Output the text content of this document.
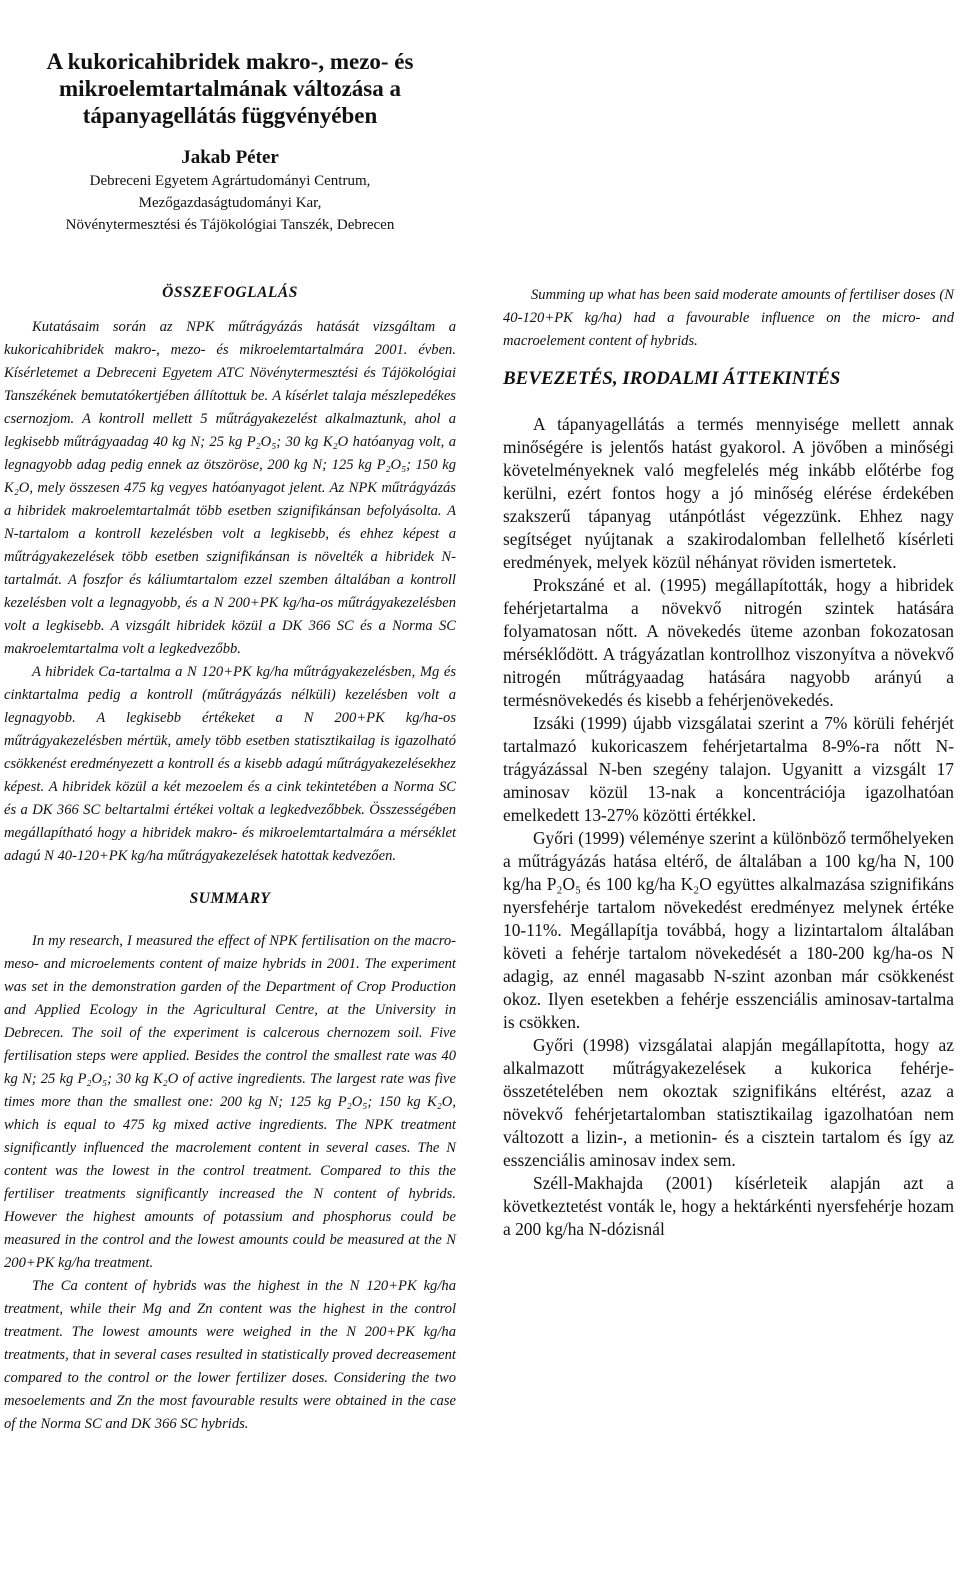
A kukoricahibridek makro-, mezo- és mikroelemtartalmának változása a tápanyagellátás függvényében
Jakab Péter
Debreceni Egyetem Agrártudományi Centrum,
Mezőgazdaságtudományi Kar,
Növénytermesztési és Tájökológiai Tanszék, Debrecen
ÖSSZEFOGLALÁS

Kutatásaim során az NPK műtrágyázás hatását vizsgáltam a kukoricahibridek makro-, mezo- és mikroelemtartalmára 2001. évben. Kísérletemet a Debreceni Egyetem ATC Növénytermesztési és Tájökológiai Tanszékének bemutatókertjében állítottuk be. A kísérlet talaja mészlepedékes csernozjom. A kontroll mellett 5 műtrágyakezelést alkalmaztunk, ahol a legkisebb műtrágyaadag 40 kg N; 25 kg P₂O₅; 30 kg K₂O hatóanyag volt, a legnagyobb adag pedig ennek az ötszöröse, 200 kg N; 125 kg P₂O₅; 150 kg K₂O, mely összesen 475 kg vegyes hatóanyagot jelent. Az NPK műtrágyázás a hibridek makroelemtartalmát több esetben szignifikánsan befolyásolta. A N-tartalom a kontroll kezelésben volt a legkisebb, és ehhez képest a műtrágyakezelések több esetben szignifikánsan is növelték a hibridek N-tartalmát. A foszfor és káliumtartalom ezzel szemben általában a kontroll kezelésben volt a legnagyobb, és a N 200+PK kg/ha-os műtrágyakezelésben volt a legkisebb. A vizsgált hibridek közül a DK 366 SC és a Norma SC makroelemtartalma volt a legkedvezőbb.

A hibridek Ca-tartalma a N 120+PK kg/ha műtrágyakezelésben, Mg és cinktartalma pedig a kontroll (műtrágyázás nélküli) kezelésben volt a legnagyobb. A legkisebb értékeket a N 200+PK kg/ha-os műtrágyakezelésben mértük, amely több esetben statisztikailag is igazolható csökkenést eredményezett a kontroll és a kisebb adagú műtrágyakezelésekhez képest. A hibridek közül a két mezoelem és a cink tekintetében a Norma SC és a DK 366 SC beltartalmi értékei voltak a legkedvezőbbek. Összességében megállapítható hogy a hibridek makro- és mikroelemtartalmára a mérséklet adagú N 40-120+PK kg/ha műtrágyakezelések hatottak kedvezően.

SUMMARY

In my research, I measured the effect of NPK fertilisation on the macro- meso- and microelements content of maize hybrids in 2001. The experiment was set in the demonstration garden of the Department of Crop Production and Applied Ecology in the Agricultural Centre, at the University in Debrecen. The soil of the experiment is calcerous chernozem soil. Five fertilisation steps were applied. Besides the control the smallest rate was 40 kg N; 25 kg P₂O₅; 30 kg K₂O of active ingredients. The largest rate was five times more than the smallest one: 200 kg N; 125 kg P₂O₅; 150 kg K₂O, which is equal to 475 kg mixed active ingredients. The NPK treatment significantly influenced the macrolement content in several cases. The N content was the lowest in the control treatment. Compared to this the fertiliser treatments significantly increased the N content of hybrids. However the highest amounts of potassium and phosphorus could be measured in the control and the lowest amounts could be measured at the N 200+PK kg/ha treatment.

The Ca content of hybrids was the highest in the N 120+PK kg/ha treatment, while their Mg and Zn content was the highest in the control treatment. The lowest amounts were weighed in the N 200+PK kg/ha treatments, that in several cases resulted in statistically proved decreasement compared to the control or the lower fertilizer doses. Considering the two mesoelements and Zn the most favourable results were obtained in the case of the Norma SC and DK 366 SC hybrids.

Summing up what has been said moderate amounts of fertiliser doses (N 40-120+PK kg/ha) had a favourable influence on the micro- and macroelement content of hybrids.

BEVEZETÉS, IRODALMI ÁTTEKINTÉS

A tápanyagellátás a termés mennyisége mellett annak minőségére is jelentős hatást gyakorol. A jövőben a minőségi követelményeknek való megfelelés még inkább előtérbe fog kerülni, ezért fontos hogy a jó minőség elérése érdekében szakszerű tápanyag utánpótlást végezzünk. Ehhez nagy segítséget nyújtanak a szakirodalomban fellelhető kísérleti eredmények, melyek közül néhányat röviden ismertetek.

Prokszáné et al. (1995) megállapították, hogy a hibridek fehérjetartalma a növekvő nitrogén szintek hatására folyamatosan nőtt. A növekedés üteme azonban fokozatosan mérséklődött. A trágyázatlan kontrollhoz viszonyítva a növekvő nitrogén műtrágyaadag hatására nagyobb arányú a termésnövekedés és kisebb a fehérjenövekedés.

Izsáki (1999) újabb vizsgálatai szerint a 7% körüli fehérjét tartalmazó kukoricaszem fehérjetartalma 8-9%-ra nőtt N-trágyázással N-ben szegény talajon. Ugyanitt a vizsgált 17 aminosav közül 13-nak a koncentrációja igazolhatóan emelkedett 13-27% közötti értékkel.

Győri (1999) véleménye szerint a különböző termőhelyeken a műtrágyázás hatása eltérő, de általában a 100 kg/ha N, 100 kg/ha P₂O₅ és 100 kg/ha K₂O együttes alkalmazása szignifikáns nyersfehérje tartalom növekedést eredményez melynek értéke 10-11%. Megállapítja továbbá, hogy a lizintartalom általában követi a fehérje tartalom növekedését a 180-200 kg/ha-os N adagig, az ennél magasabb N-szint azonban már csökkenést okoz. Ilyen esetekben a fehérje esszenciális aminosav-tartalma is csökken.

Győri (1998) vizsgálatai alapján megállapította, hogy az alkalmazott műtrágyakezelések a kukorica fehérje-összetételében nem okoztak szignifikáns eltérést, azaz a növekvő fehérjetartalomban statisztikailag igazolhatóan nem változott a lizin-, a metionin- és a cisztein tartalom és így az esszenciális aminosav index sem.

Széll-Makhajda (2001) kísérleteik alapján azt a következtetést vonták le, hogy a hektárkénti nyersfehérje hozam a 200 kg/ha N-dózisnál
